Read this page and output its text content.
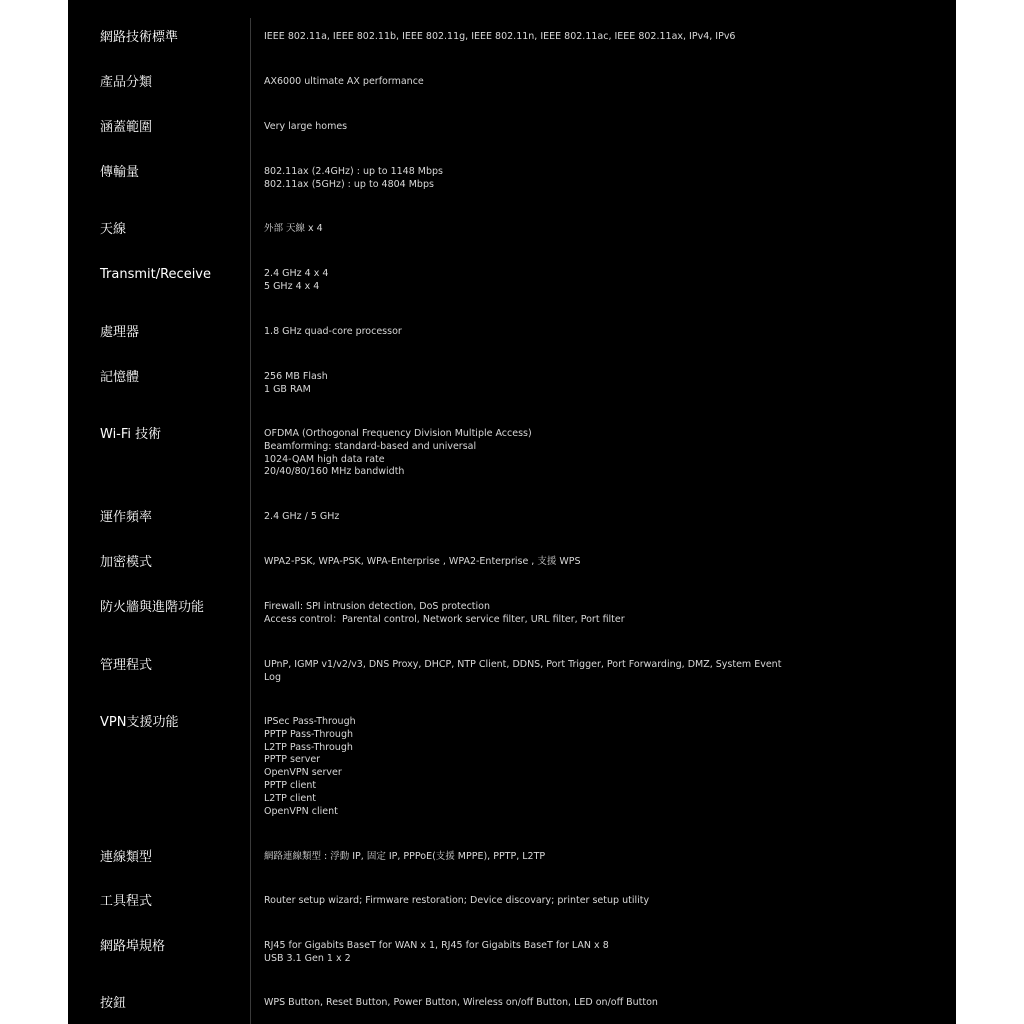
網路技術標準	IEEE 802.11a, IEEE 802.11b, IEEE 802.11g, IEEE 802.11n, IEEE 802.11ac, IEEE 802.11ax, IPv4, IPv6
產品分類	AX6000 ultimate AX performance
涵蓋範圍	Very large homes
傳輸量	802.11ax (2.4GHz) : up to 1148 Mbps
802.11ax (5GHz) : up to 4804 Mbps
天線	外部 天線 x 4
Transmit/Receive	2.4 GHz 4 x 4
5 GHz 4 x 4
處理器	1.8 GHz quad-core processor
記憶體	256 MB Flash
1 GB RAM
Wi-Fi 技術	OFDMA (Orthogonal Frequency Division Multiple Access)
Beamforming: standard-based and universal
1024-QAM high data rate
20/40/80/160 MHz bandwidth
運作頻率	2.4 GHz / 5 GHz
加密模式	WPA2-PSK, WPA-PSK, WPA-Enterprise , WPA2-Enterprise , 支援 WPS
防火牆與進階功能	Firewall: SPI intrusion detection, DoS protection
Access control：Parental control, Network service filter, URL filter, Port filter
管理程式	UPnP, IGMP v1/v2/v3, DNS Proxy, DHCP, NTP Client, DDNS, Port Trigger, Port Forwarding, DMZ, System Event Log
VPN支援功能	IPSec Pass-Through
PPTP Pass-Through
L2TP Pass-Through
PPTP server
OpenVPN server
PPTP client
L2TP client
OpenVPN client
連線類型	網路連線類型 : 浮動 IP, 固定 IP, PPPoE(支援 MPPE), PPTP, L2TP
工具程式	Router setup wizard; Firmware restoration; Device discovary; printer setup utility
網路埠規格	RJ45 for Gigabits BaseT for WAN x 1, RJ45 for Gigabits BaseT for LAN x 8
USB 3.1 Gen 1 x 2
按鈕	WPS Button, Reset Button, Power Button, Wireless on/off Button, LED on/off Button
